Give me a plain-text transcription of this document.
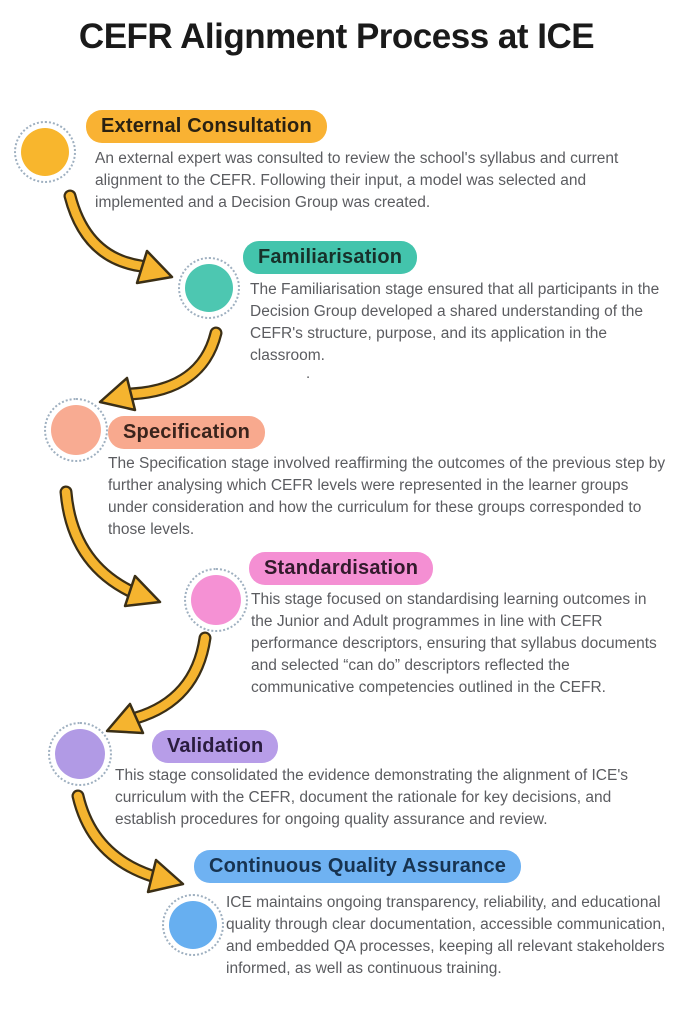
CEFR Alignment Process at ICE
External Consultation

An external expert was consulted to review the school's syllabus and current alignment to the CEFR. Following their input, a model was selected and implemented and a Decision Group was created.

Familiarisation

The Familiarisation stage ensured that all participants in the Decision Group developed a shared understanding of the CEFR's structure, purpose, and its application in the classroom.

Specification

The Specification stage involved reaffirming the outcomes of the previous step by further analysing which CEFR levels were represented in the learner groups under consideration and how the curriculum for these groups corresponded to those levels.

Standardisation

This stage focused on standardising learning outcomes in the Junior and Adult programmes in line with CEFR performance descriptors, ensuring that syllabus documents and selected “can do” descriptors reflected the communicative competencies outlined in the CEFR.

Validation

This stage consolidated the evidence demonstrating the alignment of ICE's curriculum with the CEFR, document the rationale for key decisions, and establish procedures for ongoing quality assurance and review.

Continuous Quality Assurance

ICE maintains ongoing transparency, reliability, and educational quality through clear documentation, accessible communication, and embedded QA processes, keeping all relevant stakeholders informed, as well as continuous training.

.
